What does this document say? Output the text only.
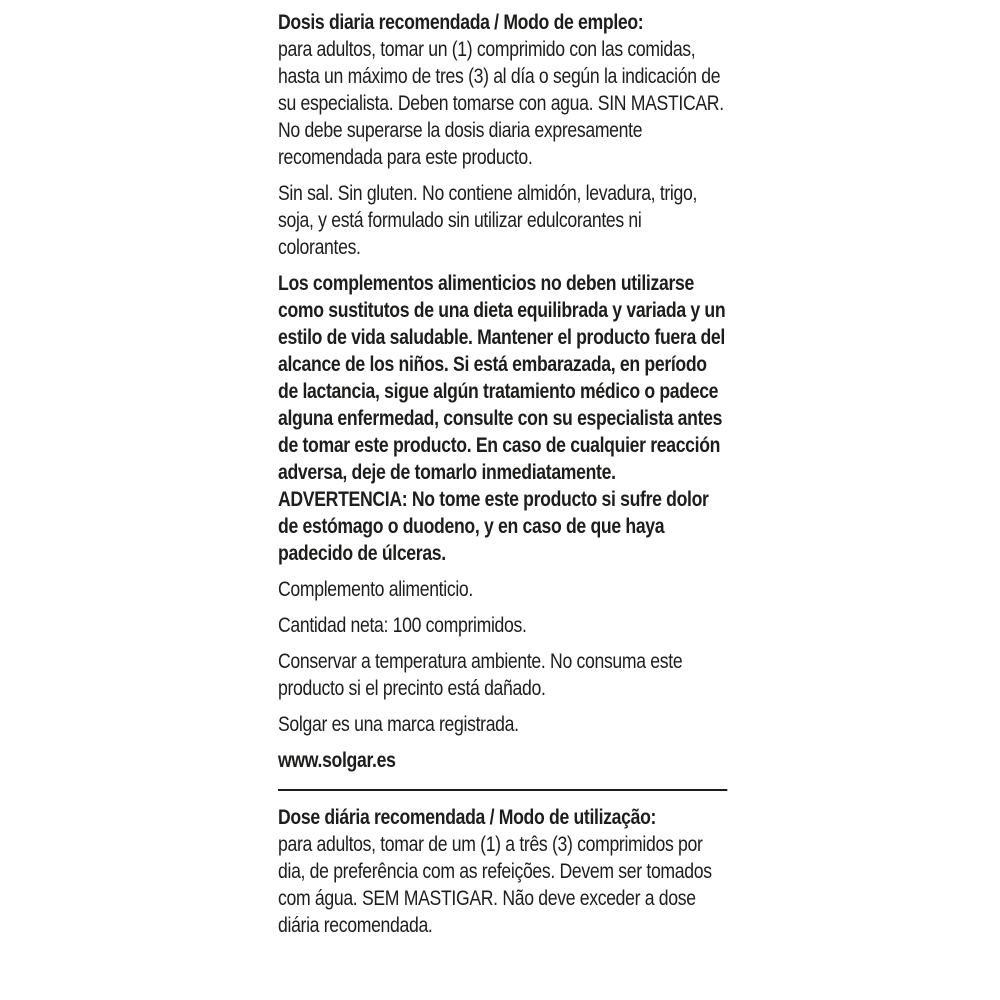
Dosis diaria recomendada / Modo de empleo:
para adultos, tomar un (1) comprimido con las comidas, hasta un máximo de tres (3) al día o según la indicación de su especialista. Deben tomarse con agua. SIN MASTICAR. No debe superarse la dosis diaria expresamente recomendada para este producto.

Sin sal. Sin gluten. No contiene almidón, levadura, trigo, soja, y está formulado sin utilizar edulcorantes ni colorantes.

Los complementos alimenticios no deben utilizarse como sustitutos de una dieta equilibrada y variada y un estilo de vida saludable. Mantener el producto fuera del alcance de los niños. Si está embarazada, en período de lactancia, sigue algún tratamiento médico o padece alguna enfermedad, consulte con su especialista antes de tomar este producto. En caso de cualquier reacción adversa, deje de tomarlo inmediatamente. ADVERTENCIA: No tome este producto si sufre dolor de estómago o duodeno, y en caso de que haya padecido de úlceras.

Complemento alimenticio.

Cantidad neta: 100 comprimidos.

Conservar a temperatura ambiente. No consuma este producto si el precinto está dañado.

Solgar es una marca registrada.

www.solgar.es

Dose diária recomendada / Modo de utilização:
para adultos, tomar de um (1) a três (3) comprimidos por dia, de preferência com as refeições. Devem ser tomados com água. SEM MASTIGAR. Não deve exceder a dose diária recomendada.
